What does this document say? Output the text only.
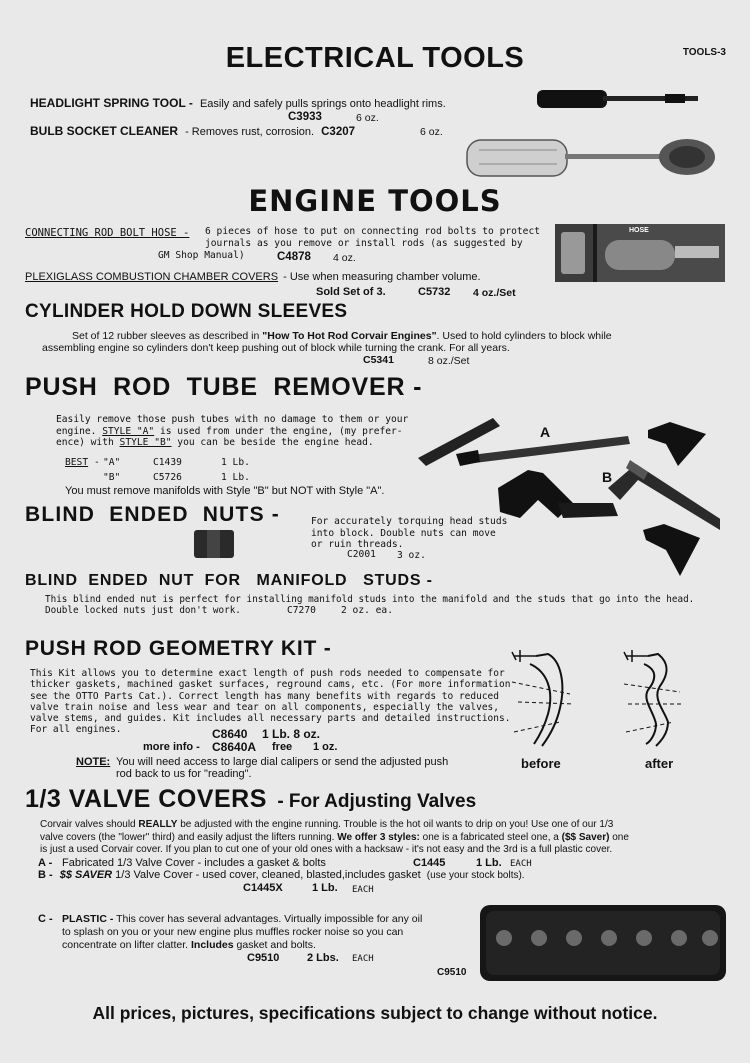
TOOLS-3
ELECTRICAL TOOLS
HEADLIGHT SPRING TOOL - Easily and safely pulls springs onto headlight rims.
C3933	6 oz.
BULB SOCKET CLEANER - Removes rust, corrosion. C3207	6 oz.
ENGINE TOOLS
CONNECTING ROD BOLT HOSE - 6 pieces of hose to put on connecting rod bolts to protect
journals as you remove or install rods (as suggested by
GM Shop Manual)	C4878 4 oz.
HOSE
PLEXIGLASS COMBUSTION CHAMBER COVERS - Use when measuring chamber volume.
Sold Set of 3.	C5732 4 oz./Set
CYLINDER HOLD DOWN SLEEVES
Set of 12 rubber sleeves as described in "How To Hot Rod Corvair Engines". Used to hold cylinders to block while
assembling engine so cylinders don't keep pushing out of block while turning the crank. For all years.
C5341	8 oz./Set
PUSH  ROD  TUBE  REMOVER -
Easily remove those push tubes with no damage to them or your
engine. STYLE "A" is used from under the engine, (my prefer-
ence) with STYLE "B" you can be beside the engine head.
BEST - "A"	C1439	1 Lb.
"B"	C5726	1 Lb.
You must remove manifolds with Style "B" but NOT with Style "A".
A
B
BLIND  ENDED  NUTS -	For accurately torquing head studs
into block. Double nuts can move
or ruin threads.
C2001 3 oz.
BLIND  ENDED  NUT  FOR   MANIFOLD   STUDS -
This blind ended nut is perfect for installing manifold studs into the manifold and the studs that go into the head.
Double locked nuts just don't work.	C7270	2 oz. ea.
PUSH ROD GEOMETRY KIT -
This Kit allows you to determine exact length of push rods needed to compensate for
thicker gaskets, machined gasket surfaces, reground cams, etc. (For more information
see the OTTO Parts Cat.). Correct length has many benefits with regards to reduced
valve train noise and less wear and tear on all components, especially the valves,
valve stems, and guides. Kit includes all necessary parts and detailed instructions.
For all engines.	C8640 1 Lb. 8 oz.
more info - C8640A free 1 oz.
NOTE: You will need access to large dial calipers or send the adjusted push
rod back to us for "reading".
before	after
1/3 VALVE COVERS - For Adjusting Valves
Corvair valves should REALLY be adjusted with the engine running. Trouble is the hot oil wants to drip on you! Use one of our 1/3
valve covers (the "lower" third) and easily adjust the lifters running. We offer 3 styles: one is a fabricated steel one, a ($$ Saver) one
is just a used Corvair cover. If you plan to cut one of your old ones with a hacksaw - it's not easy and the 3rd is a full plastic cover.
A - Fabricated 1/3 Valve Cover - includes a gasket & bolts	C1445	1 Lb. EACH
B - $$ SAVER 1/3 Valve Cover - used cover, cleaned, blasted,includes gasket (use your stock bolts).
C1445X	1 Lb. EACH
C - PLASTIC - This cover has several advantages. Virtually impossible for any oil
to splash on you or your new engine plus muffles rocker noise so you can
concentrate on lifter clatter. Includes gasket and bolts.
C9510	2 Lbs. EACH
C9510
All prices, pictures, specifications subject to change without notice.
